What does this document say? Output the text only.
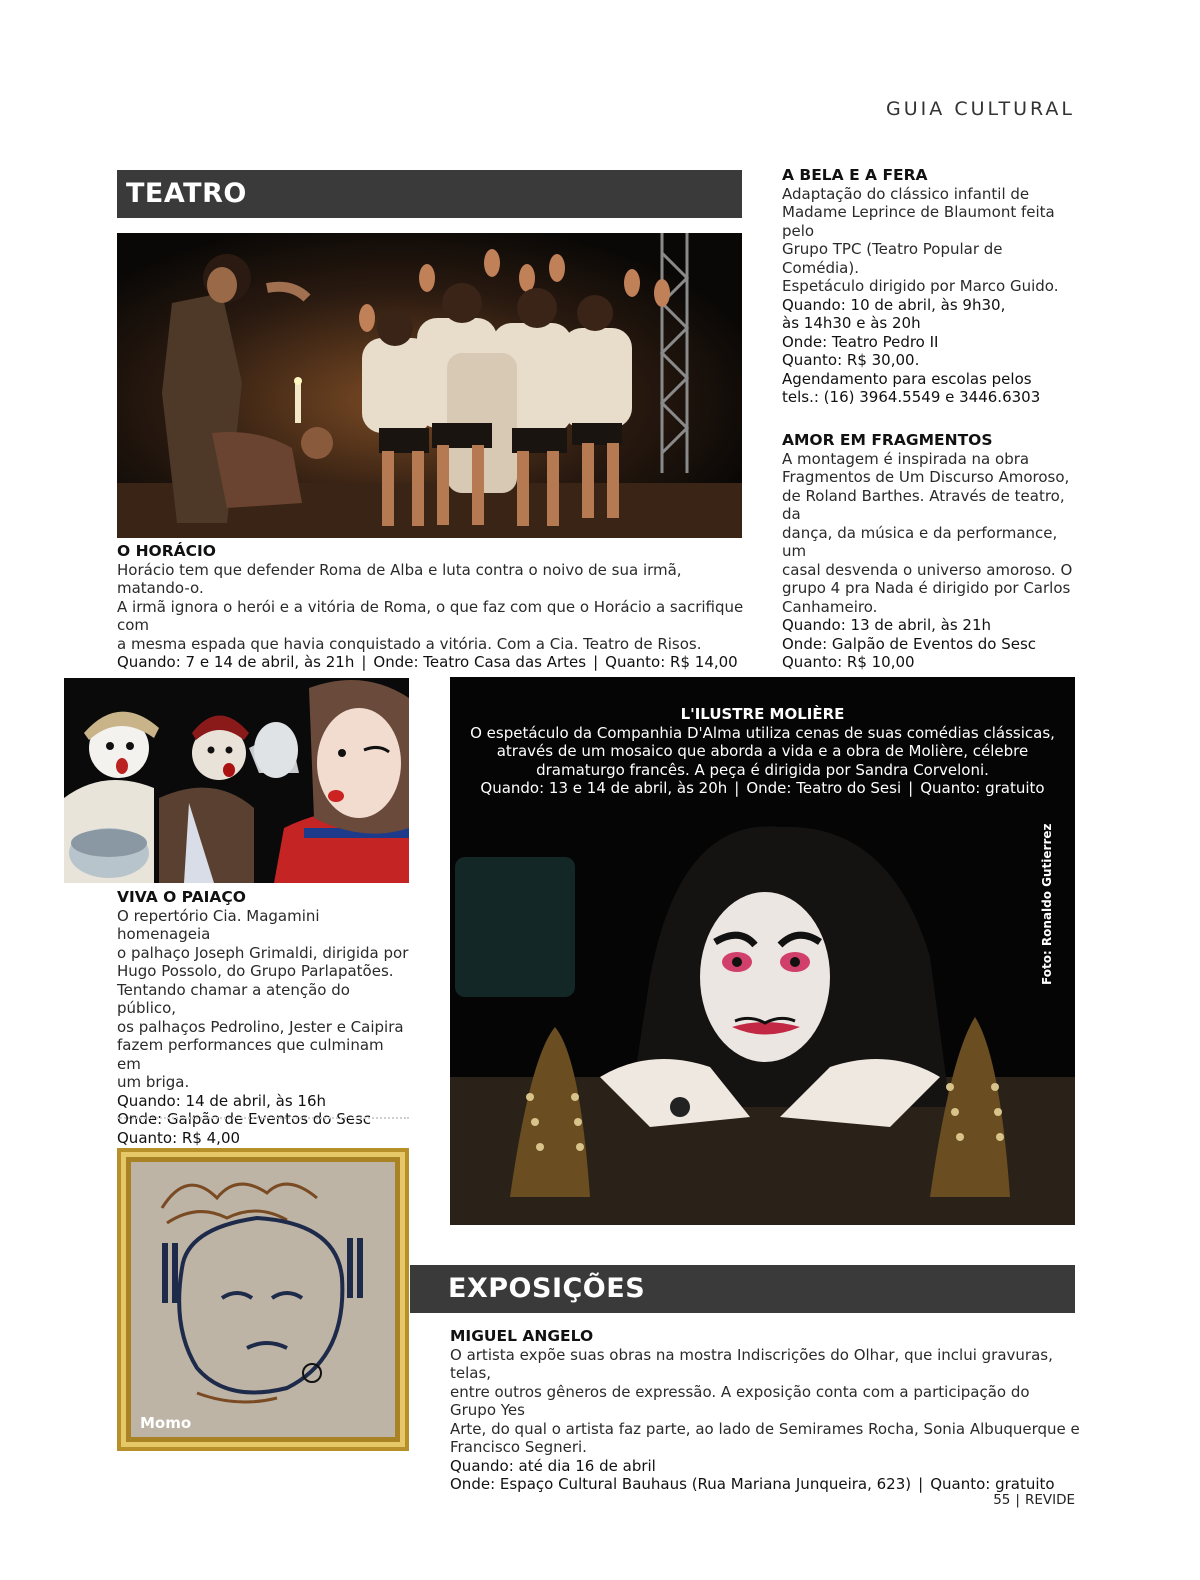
GUIA CULTURAL
TEATRO
O HORÁCIO
Horácio tem que defender Roma de Alba e luta contra o noivo de sua irmã, matando-o.
A irmã ignora o herói e a vitória de Roma, o que faz com que o Horácio a sacrifique com
a mesma espada que havia conquistado a vitória. Com a Cia. Teatro de Risos.
Quando: 7 e 14 de abril, às 21h | Onde: Teatro Casa das Artes | Quanto: R$ 14,00
A BELA E A FERA
Adaptação do clássico infantil de
Madame Leprince de Blaumont feita pelo
Grupo TPC (Teatro Popular de Comédia).
Espetáculo dirigido por Marco Guido.
Quando: 10 de abril, às 9h30,
às 14h30 e às 20h
Onde: Teatro Pedro II
Quanto: R$ 30,00.
Agendamento para escolas pelos
tels.: (16) 3964.5549 e 3446.6303
AMOR EM FRAGMENTOS
A montagem é inspirada na obra
Fragmentos de Um Discurso Amoroso,
de Roland Barthes. Através de teatro, da
dança, da música e da performance, um
casal desvenda o universo amoroso. O
grupo 4 pra Nada é dirigido por Carlos
Canhameiro.
Quando: 13 de abril, às 21h
Onde: Galpão de Eventos do Sesc
Quanto: R$ 10,00
VIVA O PAIAÇO
O repertório Cia. Magamini homenageia
o palhaço Joseph Grimaldi, dirigida por
Hugo Possolo, do Grupo Parlapatões.
Tentando chamar a atenção do público,
os palhaços Pedrolino, Jester e Caipira
fazem performances que culminam em
um briga.
Quando: 14 de abril, às 16h
Onde: Galpão de Eventos do Sesc
Quanto: R$ 4,00
L'ILUSTRE MOLIÈRE
O espetáculo da Companhia D'Alma utiliza cenas de suas comédias clássicas,
através de um mosaico que aborda a vida e a obra de Molière, célebre
dramaturgo francês. A peça é dirigida por Sandra Corveloni.
Quando: 13 e 14 de abril, às 20h | Onde: Teatro do Sesi | Quanto: gratuito
Foto: Ronaldo Gutierrez
Momo
EXPOSIÇÕES
MIGUEL ANGELO
O artista expõe suas obras na mostra Indiscrições do Olhar, que inclui gravuras, telas,
entre outros gêneros de expressão. A exposição conta com a participação do Grupo Yes
Arte, do qual o artista faz parte, ao lado de Semirames Rocha, Sonia Albuquerque e
Francisco Segneri.
Quando: até dia 16 de abril
Onde: Espaço Cultural Bauhaus (Rua Mariana Junqueira, 623) | Quanto: gratuito
55 | REVIDE
